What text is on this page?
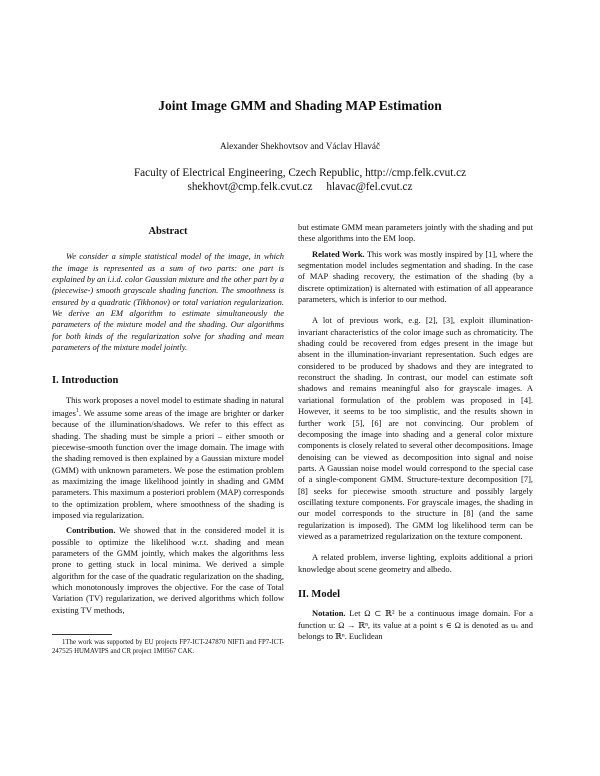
Joint Image GMM and Shading MAP Estimation
Alexander Shekhovtsov and Václav Hlaváč
Faculty of Electrical Engineering, Czech Republic, http://cmp.felk.cvut.cz
shekhovt@cmp.felk.cvut.cz     hlavac@fel.cvut.cz
Abstract

We consider a simple statistical model of the image, in which the image is represented as a sum of two parts: one part is explained by an i.i.d. color Gaussian mixture and the other part by a (piecewise-) smooth grayscale shading function. The smoothness is ensured by a quadratic (Tikhonov) or total variation regularization. We derive an EM algorithm to estimate simultaneously the parameters of the mixture model and the shading. Our algorithms for both kinds of the regularization solve for shading and mean parameters of the mixture model jointly.

I. Introduction

This work proposes a novel model to estimate shading in natural images$^1$. We assume some areas of the image are brighter or darker because of the illumination/shadows. We refer to this effect as shading. The shading must be simple a priori – either smooth or piecewise-smooth function over the image domain. The image with the shading removed is then explained by a Gaussian mixture model (GMM) with unknown parameters. We pose the estimation problem as maximizing the image likelihood jointly in shading and GMM parameters. This maximum a posteriori problem (MAP) corresponds to the optimization problem, where smoothness of the shading is imposed via regularization.

Contribution. We showed that in the considered model it is possible to optimize the likelihood w.r.t. shading and mean parameters of the GMM jointly, which makes the algorithms less prone to getting stuck in local minima. We derived a simple algorithm for the case of the quadratic regularization on the shading, which monotonously improves the objective. For the case of Total Variation (TV) regularization, we derived algorithms which follow existing TV methods,

1The work was supported by EU projects FP7-ICT-247870 NIFTi and FP7-ICT-247525 HUMAVIPS and CR project 1M0567 CAK.

but estimate GMM mean parameters jointly with the shading and put these algorithms into the EM loop.

Related Work. This work was mostly inspired by [1], where the segmentation model includes segmentation and shading. In the case of MAP shading recovery, the estimation of the shading (by a discrete optimization) is alternated with estimation of all appearance parameters, which is inferior to our method.

A lot of previous work, e.g. [2], [3], exploit illumination-invariant characteristics of the color image such as chromaticity. The shading could be recovered from edges present in the image but absent in the illumination-invariant representation. Such edges are considered to be produced by shadows and they are integrated to reconstruct the shading. In contrast, our model can estimate soft shadows and remains meaningful also for grayscale images. A variational formulation of the problem was proposed in [4]. However, it seems to be too simplistic, and the results shown in further work [5], [6] are not convincing. Our problem of decomposing the image into shading and a general color mixture components is closely related to several other decompositions. Image denoising can be viewed as decomposition into signal and noise parts. A Gaussian noise model would correspond to the special case of a single-component GMM. Structure-texture decomposition [7], [8] seeks for piecewise smooth structure and possibly largely oscillating texture components. For grayscale images, the shading in our model corresponds to the structure in [8] (and the same regularization is imposed). The GMM log likelihood term can be viewed as a parametrized regularization on the texture component.

A related problem, inverse lighting, exploits additional a priori knowledge about scene geometry and albedo.

II. Model

Notation. Let Ω ⊂ ℝ² be a continuous image domain. For a function u: Ω → ℝⁿ, its value at a point s ∈ Ω is denoted as uₛ and belongs to ℝⁿ. Euclidean
